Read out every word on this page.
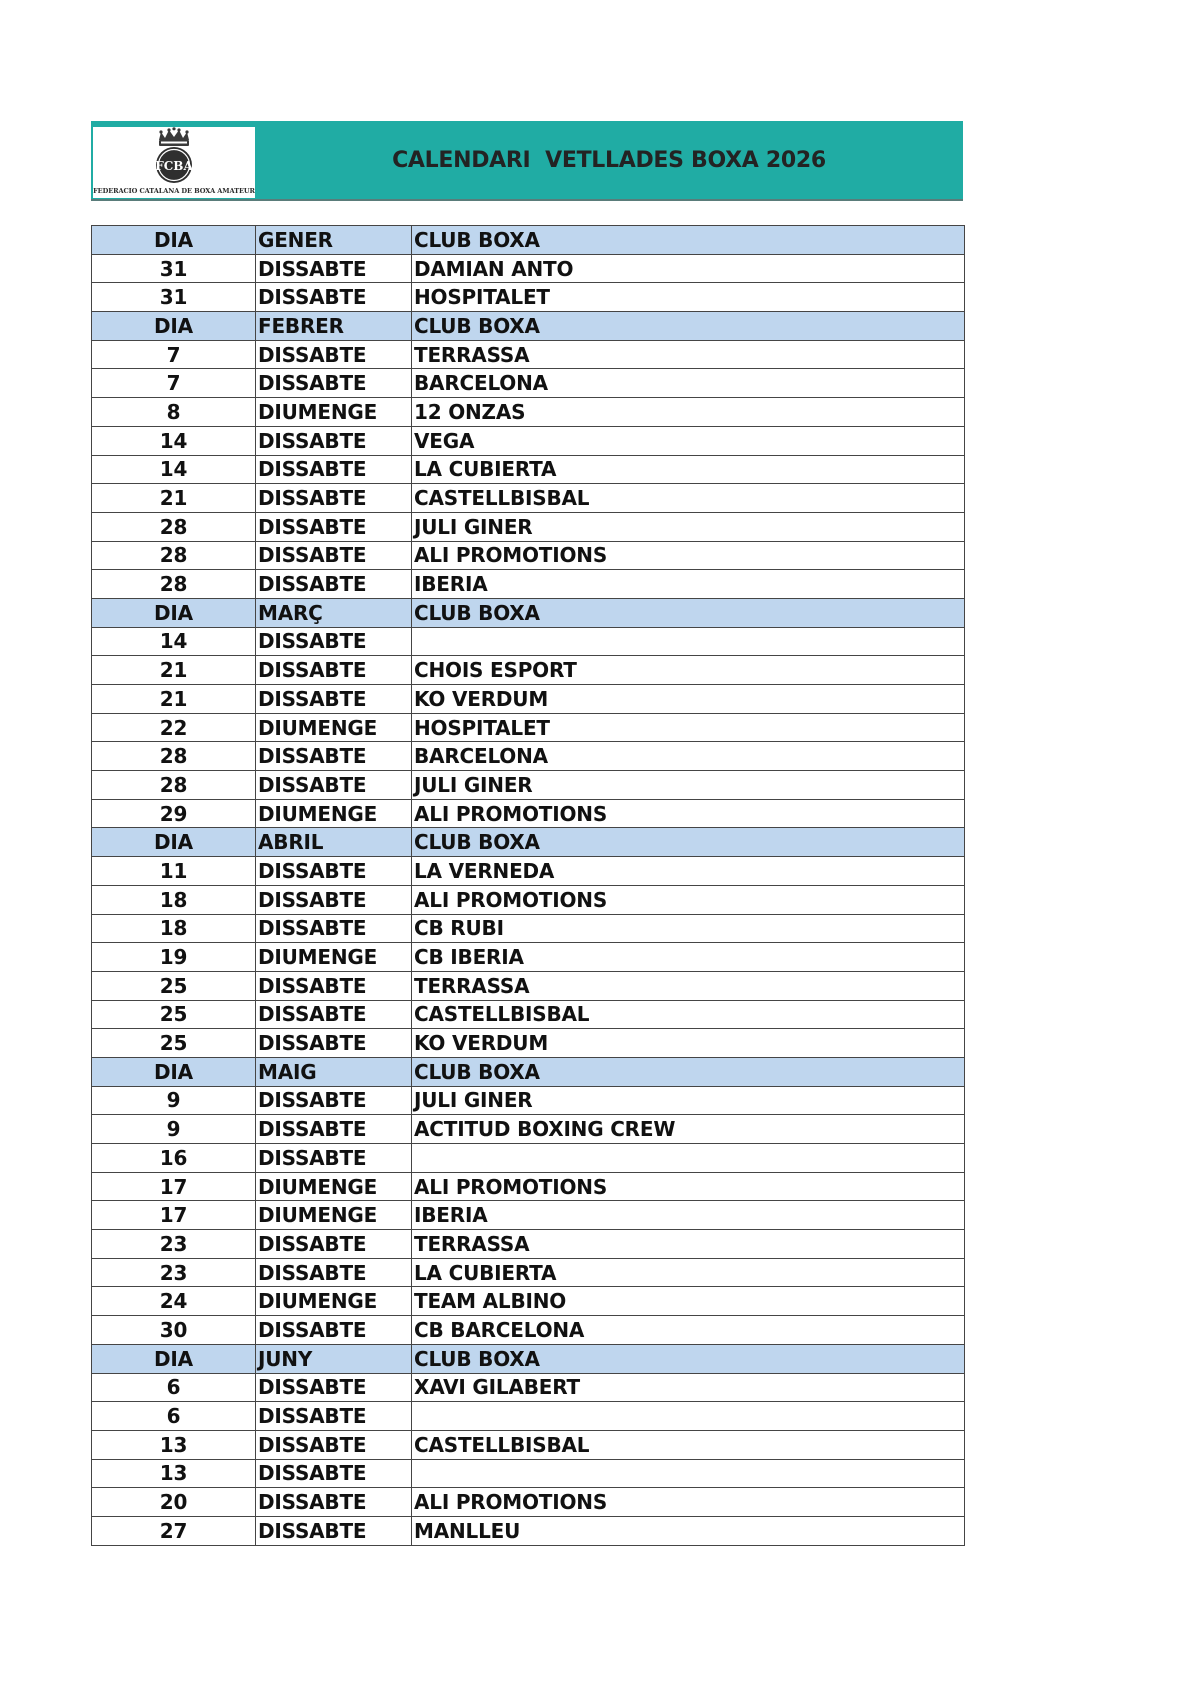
FCBA
FEDERACIO CATALANA DE BOXA AMATEUR
CALENDARI  VETLLADES BOXA 2026
DIA	GENER	CLUB BOXA
31	DISSABTE	DAMIAN ANTO
31	DISSABTE	HOSPITALET
DIA	FEBRER	CLUB BOXA
7	DISSABTE	TERRASSA
7	DISSABTE	BARCELONA
8	DIUMENGE	12 ONZAS
14	DISSABTE	VEGA
14	DISSABTE	LA CUBIERTA
21	DISSABTE	CASTELLBISBAL
28	DISSABTE	JULI GINER
28	DISSABTE	ALI PROMOTIONS
28	DISSABTE	IBERIA
DIA	MARÇ	CLUB BOXA
14	DISSABTE	
21	DISSABTE	CHOIS ESPORT
21	DISSABTE	KO VERDUM
22	DIUMENGE	HOSPITALET
28	DISSABTE	BARCELONA
28	DISSABTE	JULI GINER
29	DIUMENGE	ALI PROMOTIONS
DIA	ABRIL	CLUB BOXA
11	DISSABTE	LA VERNEDA
18	DISSABTE	ALI PROMOTIONS
18	DISSABTE	CB RUBI
19	DIUMENGE	CB IBERIA
25	DISSABTE	TERRASSA
25	DISSABTE	CASTELLBISBAL
25	DISSABTE	KO VERDUM
DIA	MAIG	CLUB BOXA
9	DISSABTE	JULI GINER
9	DISSABTE	ACTITUD BOXING CREW
16	DISSABTE	
17	DIUMENGE	ALI PROMOTIONS
17	DIUMENGE	IBERIA
23	DISSABTE	TERRASSA
23	DISSABTE	LA CUBIERTA
24	DIUMENGE	TEAM ALBINO
30	DISSABTE	CB BARCELONA
DIA	JUNY	CLUB BOXA
6	DISSABTE	XAVI GILABERT
6	DISSABTE	
13	DISSABTE	CASTELLBISBAL
13	DISSABTE	
20	DISSABTE	ALI PROMOTIONS
27	DISSABTE	MANLLEU
